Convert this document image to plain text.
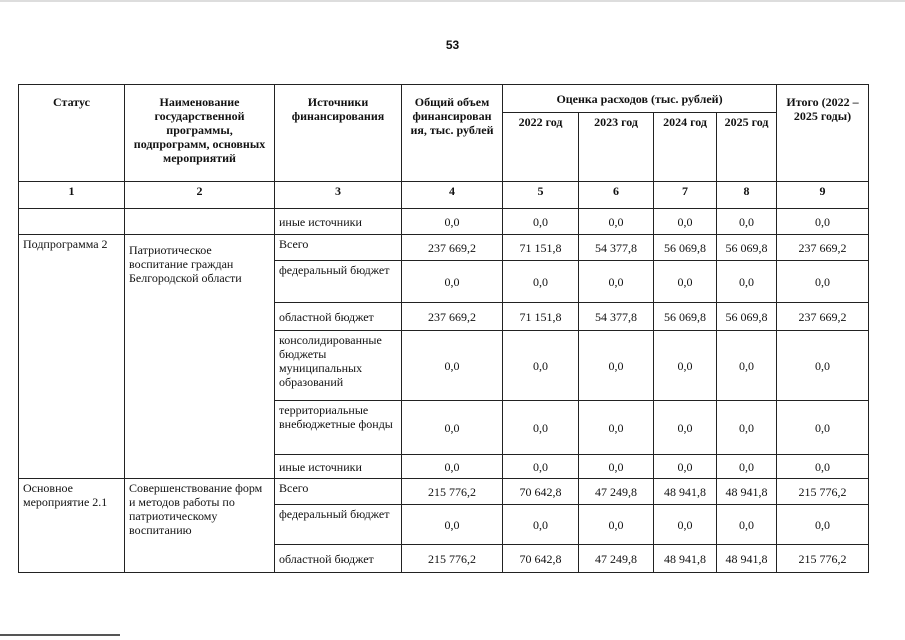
53
Статус	Наименование государственной программы, подпрограмм, основных мероприятий	Источники финансирования	Общий объем финансирован ия, тыс. рублей	Оценка расходов (тыс. рублей)				Итого (2022 – 2025 годы)
				2022 год	2023 год	2024 год	2025 год	
1	2	3	4	5	6	7	8	9
		иные источники	0,0	0,0	0,0	0,0	0,0	0,0
Подпрограмма 2	Патриотическое воспитание граждан Белгородской области	Всего	237 669,2	71 151,8	54 377,8	56 069,8	56 069,8	237 669,2
		федеральный бюджет	0,0	0,0	0,0	0,0	0,0	0,0
		областной бюджет	237 669,2	71 151,8	54 377,8	56 069,8	56 069,8	237 669,2
		консолидированные бюджеты муниципальных образований	0,0	0,0	0,0	0,0	0,0	0,0
		территориальные внебюджетные фонды	0,0	0,0	0,0	0,0	0,0	0,0
		иные источники	0,0	0,0	0,0	0,0	0,0	0,0
Основное мероприятие 2.1	Совершенствование форм и методов работы по патриотическому воспитанию	Всего	215 776,2	70 642,8	47 249,8	48 941,8	48 941,8	215 776,2
		федеральный бюджет	0,0	0,0	0,0	0,0	0,0	0,0
		областной бюджет	215 776,2	70 642,8	47 249,8	48 941,8	48 941,8	215 776,2
